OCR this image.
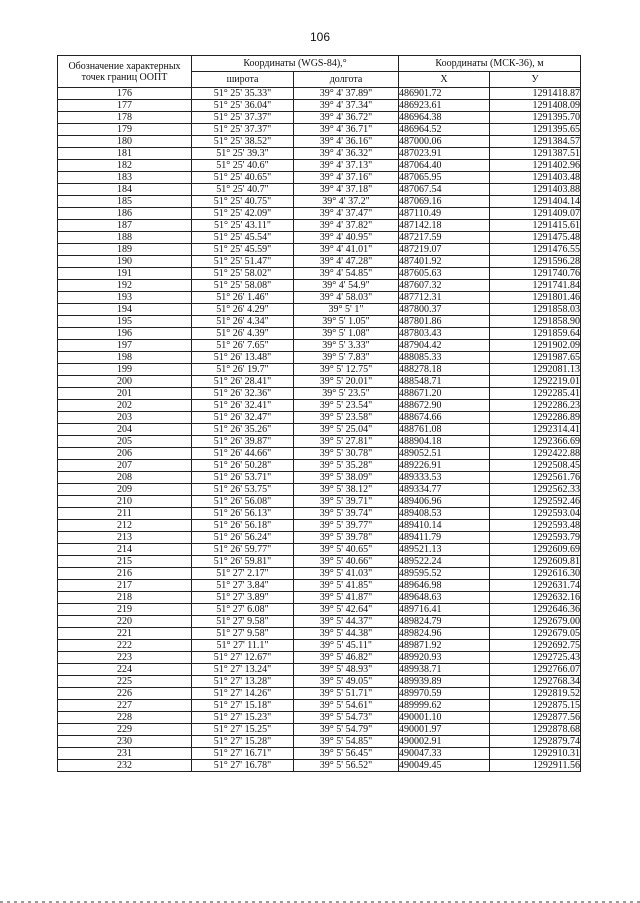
106
Обозначение характерных точек границ ООПТ	Координаты (WGS-84),°		Координаты (МСК-36), м	
	широта	долгота	X	У
176	51° 25' 35.33"	39° 4' 37.89"	486901.72	1291418.87
177	51° 25' 36.04"	39° 4' 37.34"	486923.61	1291408.09
178	51° 25' 37.37"	39° 4' 36.72"	486964.38	1291395.70
179	51° 25' 37.37"	39° 4' 36.71"	486964.52	1291395.65
180	51° 25' 38.52"	39° 4' 36.16"	487000.06	1291384.57
181	51° 25' 39.3"	39° 4' 36.32"	487023.91	1291387.51
182	51° 25' 40.6"	39° 4' 37.13"	487064.40	1291402.96
183	51° 25' 40.65"	39° 4' 37.16"	487065.95	1291403.48
184	51° 25' 40.7"	39° 4' 37.18"	487067.54	1291403.88
185	51° 25' 40.75"	39° 4' 37.2"	487069.16	1291404.14
186	51° 25' 42.09"	39° 4' 37.47"	487110.49	1291409.07
187	51° 25' 43.11"	39° 4' 37.82"	487142.18	1291415.61
188	51° 25' 45.54"	39° 4' 40.95"	487217.59	1291475.48
189	51° 25' 45.59"	39° 4' 41.01"	487219.07	1291476.55
190	51° 25' 51.47"	39° 4' 47.28"	487401.92	1291596.28
191	51° 25' 58.02"	39° 4' 54.85"	487605.63	1291740.76
192	51° 25' 58.08"	39° 4' 54.9"	487607.32	1291741.84
193	51° 26' 1.46"	39° 4' 58.03"	487712.31	1291801.46
194	51° 26' 4.29"	39° 5' 1"	487800.37	1291858.03
195	51° 26' 4.34"	39° 5' 1.05"	487801.86	1291858.90
196	51° 26' 4.39"	39° 5' 1.08"	487803.43	1291859.64
197	51° 26' 7.65"	39° 5' 3.33"	487904.42	1291902.09
198	51° 26' 13.48"	39° 5' 7.83"	488085.33	1291987.65
199	51° 26' 19.7"	39° 5' 12.75"	488278.18	1292081.13
200	51° 26' 28.41"	39° 5' 20.01"	488548.71	1292219.01
201	51° 26' 32.36"	39° 5' 23.5"	488671.20	1292285.41
202	51° 26' 32.41"	39° 5' 23.54"	488672.90	1292286.23
203	51° 26' 32.47"	39° 5' 23.58"	488674.66	1292286.89
204	51° 26' 35.26"	39° 5' 25.04"	488761.08	1292314.41
205	51° 26' 39.87"	39° 5' 27.81"	488904.18	1292366.69
206	51° 26' 44.66"	39° 5' 30.78"	489052.51	1292422.88
207	51° 26' 50.28"	39° 5' 35.28"	489226.91	1292508.45
208	51° 26' 53.71"	39° 5' 38.09"	489333.53	1292561.76
209	51° 26' 53.75"	39° 5' 38.12"	489334.77	1292562.33
210	51° 26' 56.08"	39° 5' 39.71"	489406.96	1292592.46
211	51° 26' 56.13"	39° 5' 39.74"	489408.53	1292593.04
212	51° 26' 56.18"	39° 5' 39.77"	489410.14	1292593.48
213	51° 26' 56.24"	39° 5' 39.78"	489411.79	1292593.79
214	51° 26' 59.77"	39° 5' 40.65"	489521.13	1292609.69
215	51° 26' 59.81"	39° 5' 40.66"	489522.24	1292609.81
216	51° 27' 2.17"	39° 5' 41.03"	489595.52	1292616.30
217	51° 27' 3.84"	39° 5' 41.85"	489646.98	1292631.74
218	51° 27' 3.89"	39° 5' 41.87"	489648.63	1292632.16
219	51° 27' 6.08"	39° 5' 42.64"	489716.41	1292646.36
220	51° 27' 9.58"	39° 5' 44.37"	489824.79	1292679.00
221	51° 27' 9.58"	39° 5' 44.38"	489824.96	1292679.05
222	51° 27' 11.1"	39° 5' 45.11"	489871.92	1292692.75
223	51° 27' 12.67"	39° 5' 46.82"	489920.93	1292725.43
224	51° 27' 13.24"	39° 5' 48.93"	489938.71	1292766.07
225	51° 27' 13.28"	39° 5' 49.05"	489939.89	1292768.34
226	51° 27' 14.26"	39° 5' 51.71"	489970.59	1292819.52
227	51° 27' 15.18"	39° 5' 54.61"	489999.62	1292875.15
228	51° 27' 15.23"	39° 5' 54.73"	490001.10	1292877.56
229	51° 27' 15.25"	39° 5' 54.79"	490001.97	1292878.68
230	51° 27' 15.28"	39° 5' 54.85"	490002.91	1292879.74
231	51° 27' 16.71"	39° 5' 56.45"	490047.33	1292910.31
232	51° 27' 16.78"	39° 5' 56.52"	490049.45	1292911.56
